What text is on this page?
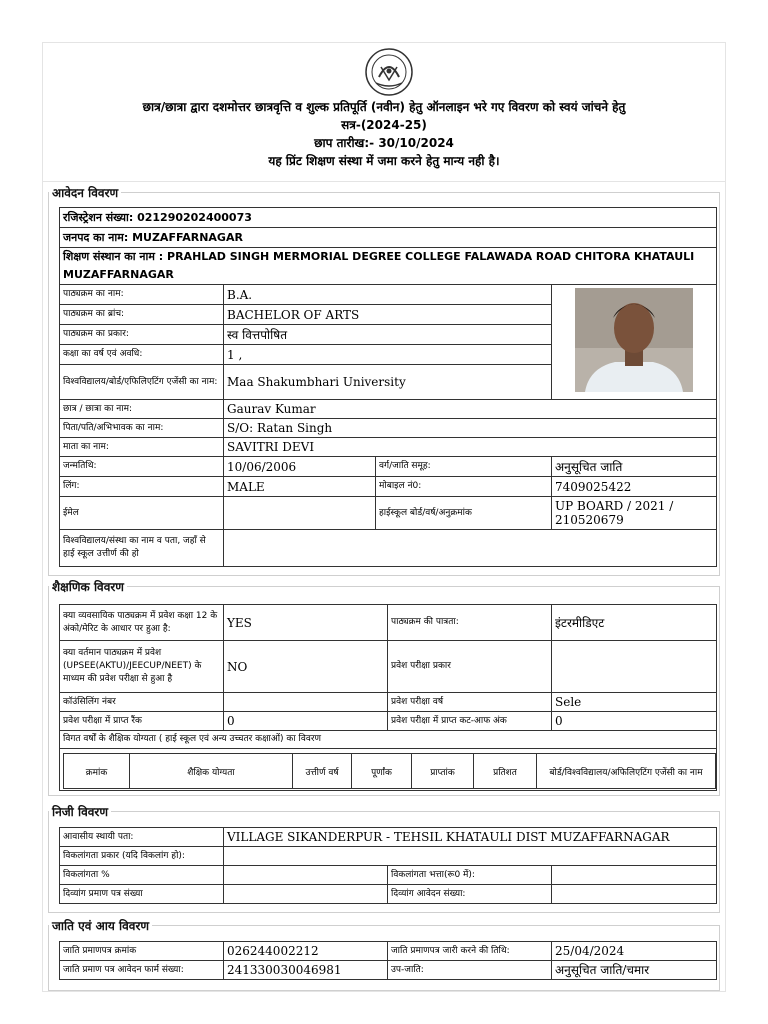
छात्र/छात्रा द्वारा दशमोत्तर छात्रवृत्ति व शुल्क प्रतिपूर्ति (नवीन) हेतु ऑनलाइन भरे गए विवरण को स्वयं जांचने हेतु
सत्र-(2024-25)
छाप तारीख:- 30/10/2024
यह प्रिंट शिक्षण संस्था में जमा करने हेतु मान्य नही है।
आवेदन विवरण
रजिस्ट्रेशन संख्या: 021290202400073			
जनपद का नाम: MUZAFFARNAGAR			
शिक्षण संस्थान का नाम : PRAHLAD SINGH MERMORIAL DEGREE COLLEGE FALAWADA ROAD CHITORA KHATAULI MUZAFFARNAGAR			
पाठ्यक्रम का नाम:	B.A.	
पाठ्यक्रम का ब्रांच:	BACHELOR OF ARTS		
पाठ्यक्रम का प्रकार:	स्व वित्तपोषित		
कक्षा का वर्ष एवं अवधि:	1 ,		
विश्वविद्यालय/बोर्ड/एफिलिएटिंग एजेंसी का नाम:	Maa Shakumbhari University		
छात्र / छात्रा का नाम:	Gaurav Kumar		
पिता/पति/अभिभावक का नाम:	S/O: Ratan Singh		
माता का नाम:	SAVITRI DEVI		
जन्मतिथि:	10/06/2006	वर्ग/जाति समूह:	अनुसूचित जाति
लिंग:	MALE	मोबाइल नं0:	7409025422
ईमेल		हाईस्कूल बोर्ड/वर्ष/अनुक्रमांक	UP BOARD / 2021 / 210520679
विश्वविद्यालय/संस्था का नाम व पता, जहाँ से हाई स्कूल उत्तीर्ण की हो			
शैक्षणिक विवरण
क्या व्यवसायिक पाठ्यक्रम में प्रवेश कक्षा 12 के अंको/मेरिट के आधार पर हुआ है:	YES	पाठ्यक्रम की पात्रता:	इंटरमीडिएट
क्या वर्तमान पाठ्यक्रम में प्रवेश (UPSEE(AKTU)/JEECUP/NEET) के माध्यम की प्रवेश परीक्षा से हुआ है	NO	प्रवेश परीक्षा प्रकार	
कॉउंसिलिंग नंबर		प्रवेश परीक्षा वर्ष	Sele
प्रवेश परीक्षा में प्राप्त रैंक	0	प्रवेश परीक्षा में प्राप्त कट-आफ अंक	0
विगत वर्षों के शैक्षिक योग्यता ( हाई स्कूल एवं अन्य उच्चतर कक्षाओं) का विवरण			

क्रमांक	शैक्षिक योग्यता	उत्तीर्ण वर्ष	पूर्णांक	प्राप्तांक	प्रतिशत	बोर्ड/विश्वविद्यालय/अफिलिएटिंग एजेंसी का नाम
निजी विवरण
आवासीय स्थायी पता:	VILLAGE SIKANDERPUR - TEHSIL KHATAULI DIST MUZAFFARNAGAR		
विकलांगता प्रकार (यदि विकलांग हो):			
विकलांगता %		विकलांगता भत्ता(रू0 में):	
दिव्यांग प्रमाण पत्र संख्या		दिव्यांग आवेदन संख्या:	
जाति एवं आय विवरण
जाति प्रमाणपत्र क्रमांक	026244002212	जाति प्रमाणपत्र जारी करने की तिथि:	25/04/2024
जाति प्रमाण पत्र आवेदन फार्म संख्या:	241330030046981	उप-जाति:	अनुसूचित जाति/चमार
